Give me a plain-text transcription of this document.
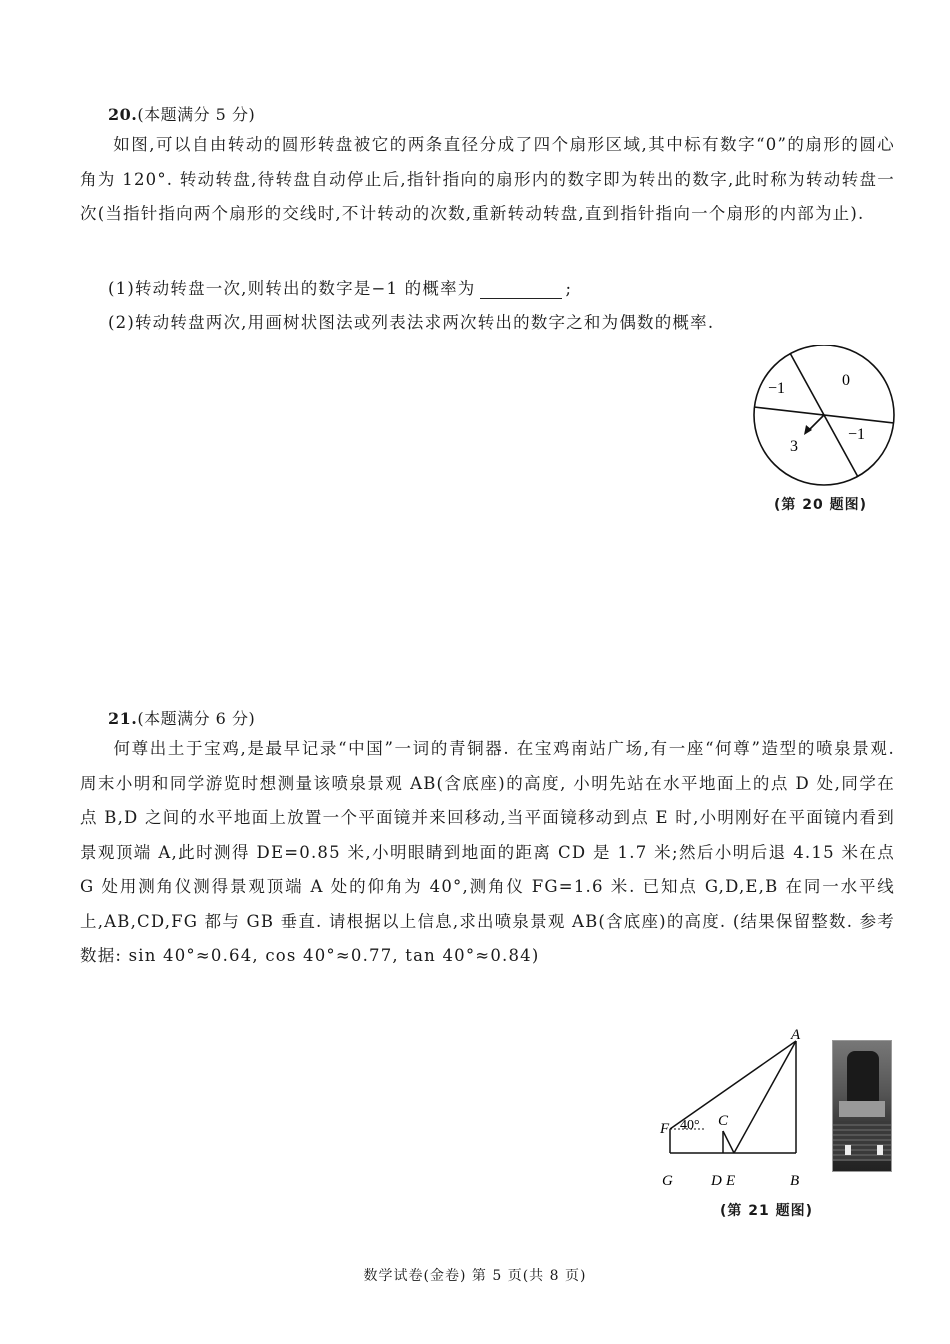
20.(本题满分 5 分)
如图,可以自由转动的圆形转盘被它的两条直径分成了四个扇形区域,其中标有数字“0”的扇形的圆心角为 120°. 转动转盘,待转盘自动停止后,指针指向的扇形内的数字即为转出的数字,此时称为转动转盘一次(当指针指向两个扇形的交线时,不计转动的次数,重新转动转盘,直到指针指向一个扇形的内部为止).
(1)转动转盘一次,则转出的数字是−1 的概率为	;
(2)转动转盘两次,用画树状图法或列表法求两次转出的数字之和为偶数的概率.
0
−1
3
−1
(第 20 题图)
21.(本题满分 6 分)
何尊出土于宝鸡,是最早记录“中国”一词的青铜器. 在宝鸡南站广场,有一座“何尊”造型的喷泉景观. 周末小明和同学游览时想测量该喷泉景观 AB(含底座)的高度, 小明先站在水平地面上的点 D 处,同学在点 B,D 之间的水平地面上放置一个平面镜并来回移动,当平面镜移动到点 E 时,小明刚好在平面镜内看到景观顶端 A,此时测得 DE=0.85 米,小明眼睛到地面的距离 CD 是 1.7 米;然后小明后退 4.15 米在点 G 处用测角仪测得景观顶端 A 处的仰角为 40°,测角仪 FG=1.6 米. 已知点 G,D,E,B 在同一水平线上,AB,CD,FG 都与 GB 垂直. 请根据以上信息,求出喷泉景观 AB(含底座)的高度. (结果保留整数. 参考数据: sin 40°≈0.64, cos 40°≈0.77, tan 40°≈0.84)
A
B
C
D E
F
G
40°
(第 21 题图)
数学试卷(金卷) 第 5 页(共 8 页)
